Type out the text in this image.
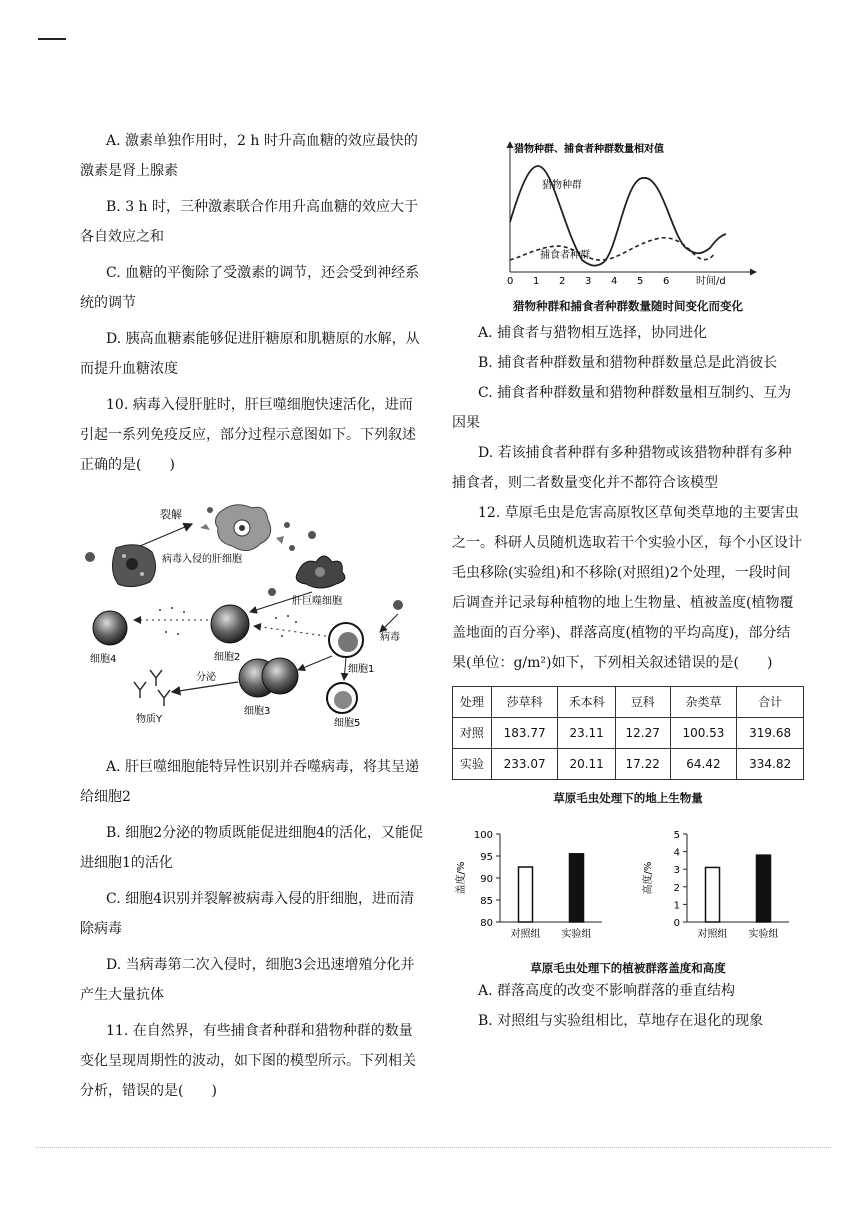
A. 激素单独作用时，2 h 时升高血糖的效应最快的激素是肾上腺素

B. 3 h 时，三种激素联合作用升高血糖的效应大于各自效应之和

C. 血糖的平衡除了受激素的调节，还会受到神经系统的调节

D. 胰高血糖素能够促进肝糖原和肌糖原的水解，从而提升血糖浓度

10. 病毒入侵肝脏时，肝巨噬细胞快速活化，进而引起一系列免疫反应，部分过程示意图如下。下列叙述正确的是(　　)

裂解
病毒入侵的肝细胞
肝巨噬细胞
病毒
细胞4	细胞2
细胞1
细胞3
细胞5
分泌
物质Y

A. 肝巨噬细胞能特异性识别并吞噬病毒，将其呈递给细胞2

B. 细胞2分泌的物质既能促进细胞4的活化，又能促进细胞1的活化

C. 细胞4识别并裂解被病毒入侵的肝细胞，进而清除病毒

D. 当病毒第二次入侵时，细胞3会迅速增殖分化并产生大量抗体

11. 在自然界，有些捕食者种群和猎物种群的数量变化呈现周期性的波动，如下图的模型所示。下列相关分析，错误的是(　　)

猎物种群、捕食者种群数量相对值
猎物种群
捕食者种群
0 1 2 3 4 5 6	时间/d
猎物种群和捕食者种群数量随时间变化而变化

A. 捕食者与猎物相互选择，协同进化

B. 捕食者种群数量和猎物种群数量总是此消彼长

C. 捕食者种群数量和猎物种群数量相互制约、互为因果

D. 若该捕食者种群有多种猎物或该猎物种群有多种捕食者，则二者数量变化并不都符合该模型

12. 草原毛虫是危害高原牧区草甸类草地的主要害虫之一。科研人员随机选取若干个实验小区，每个小区设计毛虫移除(实验组)和不移除(对照组)2个处理，一段时间后调查并记录每种植物的地上生物量、植被盖度(植物覆盖地面的百分率)、群落高度(植物的平均高度)，部分结果(单位：g/m²)如下，下列相关叙述错误的是(　　)

处理	莎草科	禾本科	豆科	杂类草	合计
对照	183.77	23.11	12.27	100.53	319.68
实验	233.07	20.11	17.22	64.42	334.82
草原毛虫处理下的地上生物量
80
85
90
95
100
盖度/%
对照组 实验组
0
1
2
3
4
5
高度/%
对照组 实验组
草原毛虫处理下的植被群落盖度和高度

A. 群落高度的改变不影响群落的垂直结构

B. 对照组与实验组相比，草地存在退化的现象
